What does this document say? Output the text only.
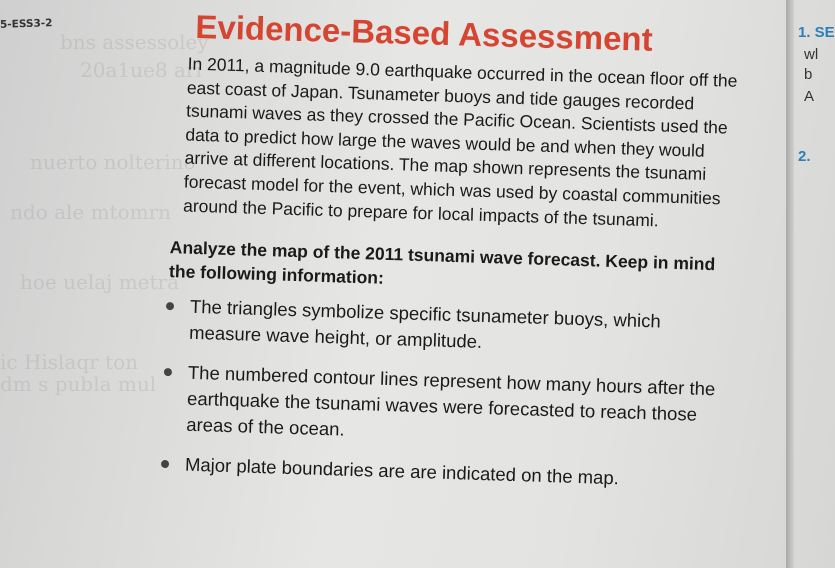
bns assessoley
20a1ue8 ari
nuerto nolterino
ndo ale mtomrn
hoe uelaj metra
ic Hislaqr ton
dm s publa mul
5-ESS3-2	Evidence-Based Assessment

In 2011, a magnitude 9.0 earthquake occurred in the ocean floor off the east coast of Japan. Tsunameter buoys and tide gauges recorded tsunami waves as they crossed the Pacific Ocean. Scientists used the data to predict how large the waves would be and when they would arrive at different locations. The map shown represents the tsunami forecast model for the event, which was used by coastal communities around the Pacific to prepare for local impacts of the tsunami.

Analyze the map of the 2011 tsunami wave forecast. Keep in mind the following information:

The triangles symbolize specific tsunameter buoys, which measure wave height, or amplitude.
The numbered contour lines represent how many hours after the earthquake the tsunami waves were forecasted to reach those areas of the ocean.
Major plate boundaries are are indicated on the map.
1. SE
wl
b
A
2.
